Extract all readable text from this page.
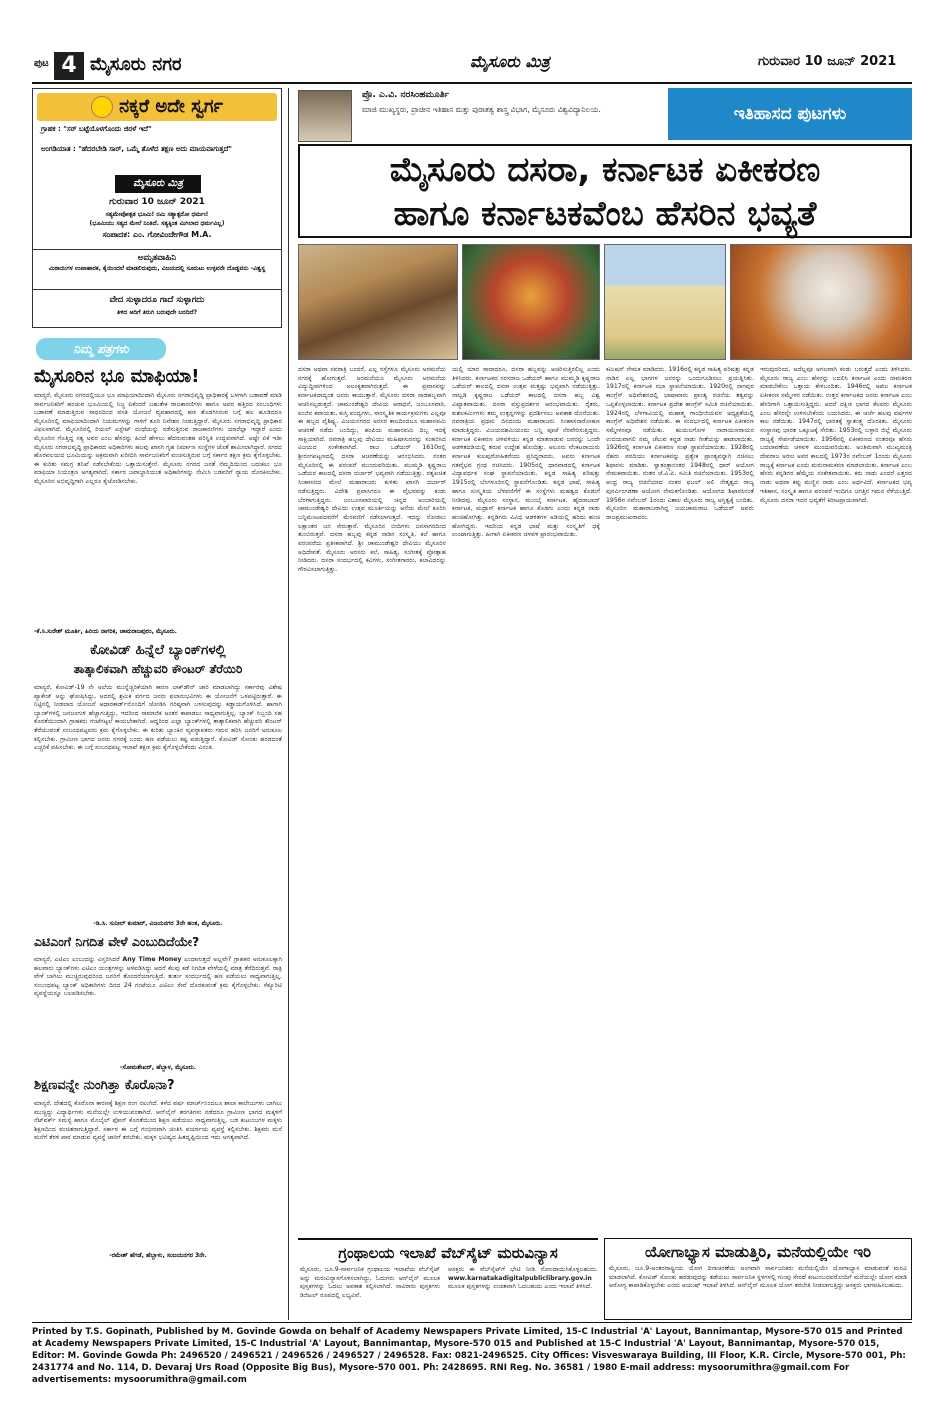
ಪುಟ 4 ಮೈಸೂರು ನಗರ	ಮೈಸೂರು ಮಿತ್ರ	ಗುರುವಾರ 10 ಜೂನ್ 2021
ನಕ್ಕರೆ ಅದೇ ಸ್ವರ್ಗ
ಗ್ರಾಹಕ : "ಸರ್ ಬಟ್ಟೆಯೊಳಗೊಂದು ಜಿರಳೆ ಇದೆ"
ಅಂಗಡಿಯಾತ : "ಹೆದರಬೇಡಿ ಸಾರ್, ಒಮ್ಮೆ ತೊಳೆದ ತಕ್ಷಣ ಅದು ಮಾಯವಾಗುತ್ತದೆ"
ಮೈಸೂರು ಮಿತ್ರ
ಗುರುವಾರ 10 ಜೂನ್ 2021
ಸತ್ಯಮೇವೋತ್ಪತ ಭೂಮಿ! ನಮಿ ಸತ್ಯಾತ್ಪರೋ ಧರ್ಮಃ!
(ಭೂಮಿಯು ಸತ್ಯದ ಮೇಲೆ ನಿಂತಿದೆ. ಸತ್ಯಕ್ಕಿಂತ ಮಿಗಿಲಾದ ಧರ್ಮವಿಲ್ಲ)
ಸಂಪಾದಕ: ಎಂ. ಗೋವಿಂದೇಗೌಡ M.A.
ಅಮೃತವಾಹಿನಿ
ಮಿಠಾಯಿಗಳ ಉಪಾಹಾರಕ, ಕೈಯಿಂದಲೆ ಮಾಡಲಿರುವುದು, ವಿಜಯದಲ್ಲಿ ಸೂರುಟು ಉಳ್ಳವನೇ ದೊಡ್ಡವನು -ವಿಶ್ವಸ್ಥ
ವೇದ ಸುಳ್ಳಾದರೂ ಗಾದೆ ಸುಳ್ಳಾಗದು
ತಿಳಿದ ಆದಿಗೆ ತಿರುಗಿ ಬರುವುದೇ ಬರದಿದೆ?
ನಿಮ್ಮ ಪತ್ರಗಳು
ಮೈಸೂರಿನ ಭೂ ಮಾಫಿಯಾ!
ಮಾನ್ಯರೆ, ಮೈಸೂರು ನಗರದಲ್ಲಿಯೂ ಭೂ ಮಾಫಿಯಾದಿಂದಾಗಿ ಮೈಸೂರು ನಗರಾಭಿವೃದ್ಧಿ ಪ್ರಾಧಿಕಾರಕ್ಕೆ ಒಳಗಾಗಿ ಬಡಾವಣೆ ಮಾಡಿ ಸಾರ್ವಜನಿಕರಿಗೆ ಹಂಚುವ ಭೂಮಿಯಲ್ಲಿ ನಿಜ್ಜ ಏಕೆಂದರೆ ಬಹುತೇಕ ರಾಜಕಾರಣಿಗಳು ಹಾಗೂ ಅವರ ಹತ್ತಿರದ ಸಂಬಂಧಿಗಳು ಬಡಾವಣೆ ಮಾಡುತ್ತಿರುವ ಸಾಧನದಿಂದ ವಸತಿ ಯೋಜನೆ ವ್ಯವಹಾರದಲ್ಲಿ ಹಣ ತೊಡಗಿಸಿರುವ ಬಗ್ಗೆ ಹಲ ಹೂಡಿದರೂ ಮೈಸೂರಿನಲ್ಲಿ ಮಾಫಿಯಾದಿಂದಾಗಿ ನಿಯಮಗಳನ್ನು ಗಾಳಿಗೆ ತೂರಿ ನಿವೇಶನ ನೀಡುತ್ತಿದ್ದಾರೆ. ಮೈಸೂರು ನಗರಾಭಿವೃದ್ಧಿ ಪ್ರಾಧಿಕಾರ ವಿಫಲವಾಗಿದೆ. ಮೈಸೂರಿನಲ್ಲಿ ರಿಯಲ್ ಎಸ್ಟೇಟ್ ದಂಧೆಯನ್ನು ನಡೆಸುತ್ತಿರುವ ರಾಜಕಾರಣಿಗಳು ಯಾರೆಲ್ಲಾ ಇದ್ದಾರೆ ಎಂದು ಮೈಸೂರಿನ ಗೊತ್ತಿದ್ದ ಸತ್ಯ ಅವರ ಎಂಬ ಹೆಸರನ್ನು ಹಿಂದೆ ಹೇಳಲು ಹೆದರುವಂತಹ ಪರಿಸ್ಥಿತಿ ಉದ್ಭವವಾಗಿದೆ. ಅಷ್ಟೇ ಏಕೆ ಇಡೀ ಮೈಸೂರು ನಗರಾಭಿವೃದ್ಧಿ ಪ್ರಾಧಿಕಾರದ ಅಧಿಕಾರಿಗಳು ಹಲವು ಖಾಸಗಿ ಗೃಹ ನಿರ್ಮಾಣ ಸಂಸ್ಥೆಗಳ ಜೊತೆ ಶಾಮೀಲಾಗಿದ್ದಾರೆ. ನಗರದ ಹೊರವಲಯದ ಭೂಮಿಯನ್ನು ಅಕ್ರಮವಾಗಿ ಖರೀದಿಸಿ ಸಾರ್ವಜನಿಕರಿಗೆ ವಂಚಿಸುತ್ತಿರುವ ಬಗ್ಗೆ ಸರ್ಕಾರ ತಕ್ಷಣ ಕ್ರಮ ಕೈಗೊಳ್ಳಬೇಕು. ಈ ಕುರಿತು ಸಮಗ್ರ ತನಿಖೆ ನಡೆಸಬೇಕೆಂದು ಒತ್ತಾಯಿಸುತ್ತೇನೆ. ಮೈಸೂರು ನಗರದ ಜನತೆ ನೆಮ್ಮದಿಯಿಂದ ಬದುಕಲು ಭೂ ಮಾಫಿಯಾ ನಿಯಂತ್ರಣ ಅಗತ್ಯವಾಗಿದೆ. ಸರ್ಕಾರ ಜವಾಬ್ದಾರಿಯುತ ಅಧಿಕಾರಿಗಳನ್ನು ನೇಮಿಸಿ ಬಡವರಿಗೆ ನ್ಯಾಯ ದೊರಕಿಸಬೇಕು. ಮೈಸೂರಿನ ಅಭಿವೃದ್ಧಿಗಾಗಿ ಎಲ್ಲರೂ ಕೈಜೋಡಿಸಬೇಕು.
-ಕೆ.ಸಿ.ಸುರೇಶ್ ಮೂರ್ತಿ, ಹಿರಿಯ ನಾಗರಿಕ, ಚಾಮರಾಜಪುರಂ, ಮೈಸೂರು.
ಕೋವಿಡ್ ಹಿನ್ನೆಲೆ ಬ್ಯಾಂಕ್‌ಗಳಲ್ಲಿ
ತಾತ್ಕಾಲಿಕವಾಗಿ ಹೆಚ್ಚುವರಿ ಕೌಂಟರ್ ತೆರೆಯಿರಿ
ಮಾನ್ಯರೆ, ಕೋವಿಡ್-19 ನೇ ಅಲೆಯ ಮುನ್ನೆಚ್ಚರಿಕೆಯಾಗಿ ಕಾರಣ ಲಾಕ್‌ಡೌನ್ ಜಾರಿ ಮಾಡಲಾಗಿದ್ದು ಸರ್ಕಾರವು ವಿಶೇಷ ಪ್ಯಾಕೇಜ್ ಅನ್ನು ಘೋಷಿಸಿದ್ದು, ಅದರಲ್ಲಿ ಶ್ರಮಿಕ ವರ್ಗದ ಜನರು ಫಲಾನುಭವಿಗಳು ಈ ಯೋಜನೆಗೆ ಒಳಪಟ್ಟಿರುತ್ತಾರೆ. ಈ ನಿಟ್ಟಿನಲ್ಲಿ ನೀಡಲಾದ ಯೋಜನೆ ಆಧಾರಕಾರ್ಡ್‌ನೊಂದಿಗೆ ಜೋಡಿಸಿ ಗರಿಷ್ಠವಾಗಿ ಬಳಸುವುದನ್ನು ಕಡ್ಡಾಯಗೊಳಿಸಿದೆ. ಹಾಗಾಗಿ ಬ್ಯಾಂಕ್‌ಗಳಲ್ಲಿ ಜನಜಂಗುಳಿ ಹೆಚ್ಚಾಗುತ್ತಿದ್ದು, ಇದರಿಂದ ಸಾಮಾಜಿಕ ಅಂತರ ಕಾಪಾಡಲು ಸಾಧ್ಯವಾಗುತ್ತಿಲ್ಲ. ಬ್ಯಾಂಕ್ ಸಿಬ್ಬಂದಿ ಸಹ ಕೊರತೆಯಿಂದಾಗಿ ಗ್ರಾಹಕರು ಗಂಟೆಗಟ್ಟಲೆ ಕಾಯಬೇಕಾಗಿದೆ. ಆದ್ದರಿಂದ ಎಲ್ಲಾ ಬ್ಯಾಂಕ್‌ಗಳಲ್ಲಿ ತಾತ್ಕಾಲಿಕವಾಗಿ ಹೆಚ್ಚುವರಿ ಕೌಂಟರ್ ತೆರೆಯುವಂತೆ ಸಂಬಂಧಪಟ್ಟವರು ಕ್ರಮ ಕೈಗೊಳ್ಳಬೇಕು. ಈ ಕುರಿತು ಬ್ಯಾಂಕಿನ ವ್ಯವಸ್ಥಾಪಕರು ಗಮನ ಹರಿಸಿ ಜನರಿಗೆ ಅನುಕೂಲ ಕಲ್ಪಿಸಬೇಕು. ಗ್ರಾಮೀಣ ಭಾಗದ ಜನರು ನಗರಕ್ಕೆ ಬಂದು ಹಣ ಪಡೆಯಲು ಕಷ್ಟ ಪಡುತ್ತಿದ್ದಾರೆ. ಕೋವಿಡ್ ಸೋಂಕು ಹರಡದಂತೆ ಎಚ್ಚರಿಕೆ ವಹಿಸಬೇಕು. ಈ ಬಗ್ಗೆ ಸಂಬಂಧಪಟ್ಟ ಇಲಾಖೆ ತಕ್ಷಣ ಕ್ರಮ ಕೈಗೊಳ್ಳಬೇಕೆಂದು ವಿನಂತಿ.
-ಡಿ.ಸಿ. ಸುನೀಲ್ ಕುಮಾರ್, ವಿಜಯನಗರ 3ನೇ ಹಂತ, ಮೈಸೂರು.
ಎಟಿಎಂಗೆ ನಿಗದಿತ ವೇಳೆ ಎಂಬುದಿದೆಯೇ?
ಮಾನ್ಯರೆ, ಎಟಿಎಂ ಎಂಬುದನ್ನು ವಿಸ್ತರಿಸಿದರೆ Any Time Money ಎಂದಾಗುತ್ತದೆ ಅಲ್ಲವೇ? ಗ್ರಾಹಕರ ಅನುಕೂಲಕ್ಕಾಗಿ ಹಲವಾರು ಬ್ಯಾಂಕ್‌ಗಳು ಎಟಿಎಂ ಯಂತ್ರಗಳನ್ನು ಅಳವಡಿಸಿದ್ದು ಆದರೆ ಕೆಲವು ಕಡೆ ನಿಗದಿತ ವೇಳೆಯಲ್ಲಿ ಮಾತ್ರ ತೆರೆದಿರುತ್ತವೆ. ರಾತ್ರಿ ವೇಳೆ ಬಾಗಿಲು ಮುಚ್ಚಿರುವುದರಿಂದ ಜನರಿಗೆ ತೊಂದರೆಯಾಗುತ್ತಿದೆ. ತುರ್ತು ಸಂದರ್ಭದಲ್ಲಿ ಹಣ ಪಡೆಯಲು ಸಾಧ್ಯವಾಗುತ್ತಿಲ್ಲ. ಸಂಬಂಧಪಟ್ಟ ಬ್ಯಾಂಕ್ ಅಧಿಕಾರಿಗಳು ದಿನದ 24 ಗಂಟೆಯೂ ಎಟಿಎಂ ಸೇವೆ ದೊರಕುವಂತೆ ಕ್ರಮ ಕೈಗೊಳ್ಳಬೇಕು. ಸೆಕ್ಯೂರಿಟಿ ವ್ಯವಸ್ಥೆಯನ್ನೂ ಬಲಪಡಿಸಬೇಕು.
-ಸೋಮಶೇಖರ್, ಹೆಬ್ಬಾಳ, ಮೈಸೂರು.
ಶಿಕ್ಷಣವನ್ನೇ ನುಂಗಿತ್ತಾ ಕೊರೊನಾ?
ಮಾನ್ಯರೆ, ದೇಶದಲ್ಲಿ ಕೊರೊನಾ ಕಾರಣಕ್ಕೆ ಶಿಕ್ಷಣ ರಂಗ ನಲುಗಿದೆ. ಕಳೆದ ವರ್ಷ ಮಾರ್ಚ್‌ನಿಂದಲೂ ಶಾಲಾ ಕಾಲೇಜುಗಳು ಬಾಗಿಲು ಮುಚ್ಚಿದ್ದು ವಿದ್ಯಾರ್ಥಿಗಳು ಮನೆಯಲ್ಲೇ ಉಳಿಯುವಂತಾಗಿದೆ. ಆನ್‌ಲೈನ್ ತರಗತಿಗಳು ನಡೆದರೂ ಗ್ರಾಮೀಣ ಭಾಗದ ಮಕ್ಕಳಿಗೆ ನೆಟ್‌ವರ್ಕ್ ಸಮಸ್ಯೆ ಹಾಗೂ ಮೊಬೈಲ್ ಫೋನ್ ಕೊರತೆಯಿಂದ ಶಿಕ್ಷಣ ಪಡೆಯಲು ಸಾಧ್ಯವಾಗುತ್ತಿಲ್ಲ. ಬಡ ಕುಟುಂಬಗಳ ಮಕ್ಕಳು ಶಿಕ್ಷಣದಿಂದ ವಂಚಿತರಾಗುತ್ತಿದ್ದಾರೆ. ಸರ್ಕಾರ ಈ ಬಗ್ಗೆ ಗಂಭೀರವಾಗಿ ಚಿಂತಿಸಿ ಪರ್ಯಾಯ ವ್ಯವಸ್ಥೆ ಕಲ್ಪಿಸಬೇಕು. ಶಿಕ್ಷಕರು ಮನೆ ಮನೆಗೆ ತೆರಳಿ ಪಾಠ ಮಾಡುವ ವ್ಯವಸ್ಥೆ ಜಾರಿಗೆ ತರಬೇಕು. ಮಕ್ಕಳ ಭವಿಷ್ಯದ ಹಿತದೃಷ್ಟಿಯಿಂದ ಇದು ಅಗತ್ಯವಾಗಿದೆ.
-ರಮೇಶ್ ಹೆಗಡೆ, ಹೆಬ್ಬಾಳು, ಸಂಜಯನಗರ 3ನೇ.
ಪ್ರೊ. ಎ.ವಿ. ನರಸಿಂಹಮೂರ್ತಿ
ಮಾಜಿ ಮುಖ್ಯಸ್ಥರು, ಪ್ರಾಚೀನ ಇತಿಹಾಸ ಮತ್ತು ಪುರಾತತ್ವ ಶಾಸ್ತ್ರ ವಿಭಾಗ, ಮೈಸೂರು ವಿಶ್ವವಿದ್ಯಾನಿಲಯ.	ಇತಿಹಾಸದ ಪುಟಗಳು
ಮೈಸೂರು ದಸರಾ, ಕರ್ನಾಟಕ ಏಕೀಕರಣ
ಹಾಗೂ ಕರ್ನಾಟಕವೆಂಬ ಹೆಸರಿನ ಭವ್ಯತೆ
ದಸರಾ ಅಥವಾ ನವರಾತ್ರಿ ಬಂದರೆ, ಎಲ್ಲ ರಸ್ತೆಗಳೂ ಮೈಸೂರು ಅರಮನೆಯ ನಗರಕ್ಕೆ ಹೋಗುತ್ತವೆ. ಅರಮನೆಯೂ ಮೈಸೂರು ಅರಮನೆಯ ವಿದ್ಯುದ್ದೀಪಗಳಿಂದ ಅಲಂಕೃತವಾಗಿರುತ್ತದೆ. ಈ ಪ್ರವಾಸವನ್ನು ಕರ್ನಾಟಕದಾದ್ಯಂತ ಜನರು ಕಾಯುತ್ತಾರೆ. ಮೈಸೂರು ದಸರಾ ನಾಡಹಬ್ಬವಾಗಿ ಆಚರಿಸಲ್ಪಡುತ್ತದೆ. ಚಾಮುಂಡೇಶ್ವರಿ ದೇವಿಯ ಆರಾಧನೆ, ಜಂಬೂಸವಾರಿ, ಪಂಜಿನ ಕವಾಯತು, ಕುಸ್ತಿ ಪಂದ್ಯಗಳು, ಸಾಂಸ್ಕೃತಿಕ ಕಾರ್ಯಕ್ರಮಗಳು ಎಲ್ಲವೂ ಈ ಹಬ್ಬದ ವೈಶಿಷ್ಟ್ಯ. ವಿಜಯನಗರದ ಅರಸರ ಕಾಲದಿಂದಲೂ ಮಹಾನವಮಿ ಆಚರಣೆ ನಡೆದು ಬಂದಿದ್ದು, ಹಂಪಿಯ ಮಹಾನವಮಿ ದಿಬ್ಬ ಇದಕ್ಕೆ ಸಾಕ್ಷಿಯಾಗಿದೆ. ನವರಾತ್ರಿ ಹಬ್ಬವು ದೇವಿಯು ಮಹಿಷಾಸುರನನ್ನು ಸಂಹರಿಸಿದ ವಿಜಯದ ಸಂಕೇತವಾಗಿದೆ. ರಾಜ ಒಡೆಯರ್ 1610ರಲ್ಲಿ ಶ್ರೀರಂಗಪಟ್ಟಣದಲ್ಲಿ ದಸರಾ ಆಚರಣೆಯನ್ನು ಆರಂಭಿಸಿದರು. ನಂತರ ಮೈಸೂರಿನಲ್ಲಿ ಈ ಪರಂಪರೆ ಮುಂದುವರಿಯಿತು. ಮುಮ್ಮಡಿ ಕೃಷ್ಣರಾಜ ಒಡೆಯರ ಕಾಲದಲ್ಲಿ ದಸರಾ ದರ್ಬಾರ್ ಭವ್ಯವಾಗಿ ನಡೆಯುತ್ತಿತ್ತು. ರತ್ನಖಚಿತ ಸಿಂಹಾಸನದ ಮೇಲೆ ಮಹಾರಾಜರು ಕುಳಿತು ಖಾಸಗಿ ದರ್ಬಾರ್ ನಡೆಸುತ್ತಿದ್ದರು. ವಿದೇಶಿ ಪ್ರವಾಸಿಗರೂ ಈ ವೈಭವವನ್ನು ಕಂಡು ಬೆರಗಾಗುತ್ತಿದ್ದರು. ಜಂಬೂಸವಾರಿಯಲ್ಲಿ ಚಿನ್ನದ ಅಂಬಾರಿಯಲ್ಲಿ ಚಾಮುಂಡೇಶ್ವರಿ ದೇವಿಯ ಉತ್ಸವ ಮೂರ್ತಿಯನ್ನು ಆನೆಯ ಮೇಲೆ ಕೂರಿಸಿ ಬನ್ನಿಮಂಟಪದವರೆಗೆ ಮೆರವಣಿಗೆ ನಡೆಸಲಾಗುತ್ತದೆ. ಇದನ್ನು ನೋಡಲು ಲಕ್ಷಾಂತರ ಜನ ಸೇರುತ್ತಾರೆ. ಮೈಸೂರಿನ ಬೀದಿಗಳು ಜನಸಾಗರದಿಂದ ತುಂಬಿರುತ್ತವೆ. ದಸರಾ ಹಬ್ಬವು ಕನ್ನಡ ನಾಡಿನ ಸಂಸ್ಕೃತಿ, ಕಲೆ ಹಾಗೂ ಪರಂಪರೆಯ ಪ್ರತೀಕವಾಗಿದೆ. ಶ್ರೀ ಚಾಮುಂಡೇಶ್ವರಿ ದೇವಿಯು ಮೈಸೂರಿನ ಅಧಿದೇವತೆ. ಮೈಸೂರು ಅರಸರು ಕಲೆ, ಸಾಹಿತ್ಯ, ಸಂಗೀತಕ್ಕೆ ಪ್ರೋತ್ಸಾಹ ನೀಡಿದರು. ದಸರಾ ಸಂದರ್ಭದಲ್ಲಿ ಕವಿಗಳು, ಸಂಗೀತಗಾರರು, ಕಲಾವಿದರನ್ನು ಗೌರವಿಸಲಾಗುತ್ತಿತ್ತು.
ಯಲ್ಲಿ ಯಾರ ಸಾವಾದರೂ, ದಸರಾ ಹಬ್ಬವನ್ನು ಆಚರಿಸುತ್ತಿರಲಿಲ್ಲ ಎಂದು ತಿಳಿಸಿದರು. ಕರ್ನಾಟಕದ ಸರಸರಾಜ ಒಡೆಯರ್ ಹಾಗೂ ಮುಮ್ಮಡಿ ಕೃಷ್ಣರಾಜ ಒಡೆಯರ್ ಕಾಲದಲ್ಲಿ ದಸರಾ ಉತ್ಸವ ಮತ್ತಷ್ಟು ಭವ್ಯವಾಗಿ ನಡೆಯುತ್ತಿತ್ತು. ನಾಲ್ವಡಿ ಕೃಷ್ಣರಾಜ ಒಡೆಯರ್ ಕಾಲದಲ್ಲಿ ದಸರಾ ಹಬ್ಬ ವಿಶ್ವ ವಿಖ್ಯಾತವಾಯಿತು. ದಸರಾ ವಸ್ತುಪ್ರದರ್ಶನ ಆರಂಭವಾಯಿತು. ರೈತರು, ಕುಶಲಕರ್ಮಿಗಳು ತಮ್ಮ ಉತ್ಪನ್ನಗಳನ್ನು ಪ್ರದರ್ಶಿಸಲು ಅವಕಾಶ ದೊರೆಯಿತು. ನವರಾತ್ರಿಯ ಪ್ರಥಮ ದಿನದಂದು ಮಹಾರಾಜರು ಸಿಂಹಾಸನಾರೋಹಣ ಮಾಡುತ್ತಿದ್ದರು. ವಿಜಯದಶಮಿಯಂದು ಬನ್ನಿ ಪೂಜೆ ನೆರವೇರಿಸುತ್ತಿದ್ದರು. ಕರ್ನಾಟಕ ಏಕೀಕರಣ ಚಳವಳಿಯು ಕನ್ನಡ ಮಾತನಾಡುವ ಜನರನ್ನು ಒಂದೇ ಆಡಳಿತದಡಿಯಲ್ಲಿ ತರುವ ಉದ್ದೇಶ ಹೊಂದಿತ್ತು. ಆಲೂರು ವೆಂಕಟರಾಯರು ಕರ್ನಾಟಕ ಕುಲಪುರೋಹಿತರೆಂದು ಪ್ರಸಿದ್ಧರಾದರು. ಅವರು ಕರ್ನಾಟಕ ಗತವೈಭವ ಗ್ರಂಥ ರಚಿಸಿದರು. 1905ರಲ್ಲಿ ಧಾರವಾಡದಲ್ಲಿ ಕರ್ನಾಟಕ ವಿದ್ಯಾವರ್ಧಕ ಸಂಘ ಸ್ಥಾಪನೆಯಾಯಿತು. ಕನ್ನಡ ಸಾಹಿತ್ಯ ಪರಿಷತ್ತು 1915ರಲ್ಲಿ ಬೆಂಗಳೂರಿನಲ್ಲಿ ಸ್ಥಾಪನೆಗೊಂಡಿತು. ಕನ್ನಡ ಭಾಷೆ, ಸಾಹಿತ್ಯ ಹಾಗೂ ಸಂಸ್ಕೃತಿಯ ಬೆಳವಣಿಗೆಗೆ ಈ ಸಂಸ್ಥೆಗಳು ಮಹತ್ವದ ಕೊಡುಗೆ ನೀಡಿದವು. ಮೈಸೂರು ಸಂಸ್ಥಾನ, ಮುಂಬೈ ಕರ್ನಾಟಕ, ಹೈದರಾಬಾದ್ ಕರ್ನಾಟಕ, ಮದ್ರಾಸ್ ಕರ್ನಾಟಕ ಹಾಗೂ ಕೊಡಗು ಎಂದು ಕನ್ನಡ ನಾಡು ಹಂಚಿಹೋಗಿತ್ತು. ಕನ್ನಡಿಗರು ವಿವಿಧ ಆಡಳಿತಗಳ ಅಡಿಯಲ್ಲಿ ಹರಿದು ಹಂಚಿ ಹೋಗಿದ್ದರು. ಇದರಿಂದ ಕನ್ನಡ ಭಾಷೆ ಮತ್ತು ಸಂಸ್ಕೃತಿಗೆ ಧಕ್ಕೆ ಉಂಟಾಗುತ್ತಿತ್ತು. ಹೀಗಾಗಿ ಏಕೀಕರಣ ಚಳವಳಿ ಪ್ರಾರಂಭವಾಯಿತು.
ಕಮಿಷನ್ ನೇಮಕ ಮಾಡಿದರು. 1916ರಲ್ಲಿ ಕನ್ನಡ ಸಾಹಿತ್ಯ ಪರಿಷತ್ತು ಕನ್ನಡ ನಾಡಿನ ಎಲ್ಲ ಭಾಗಗಳ ಜನರನ್ನು ಒಂದುಗೂಡಿಸಲು ಪ್ರಯತ್ನಿಸಿತು. 1917ರಲ್ಲಿ ಕರ್ನಾಟಕ ಸಭಾ ಸ್ಥಾಪನೆಯಾಯಿತು. 1920ರಲ್ಲಿ ನಾಗಪುರ ಕಾಂಗ್ರೆಸ್ ಅಧಿವೇಶನದಲ್ಲಿ ಭಾಷಾವಾರು ಪ್ರಾಂತ್ಯ ರಚನೆಯ ತತ್ವವನ್ನು ಒಪ್ಪಿಕೊಳ್ಳಲಾಯಿತು. ಕರ್ನಾಟಕ ಪ್ರದೇಶ ಕಾಂಗ್ರೆಸ್ ಸಮಿತಿ ರಚನೆಯಾಯಿತು. 1924ರಲ್ಲಿ ಬೆಳಗಾವಿಯಲ್ಲಿ ಮಹಾತ್ಮ ಗಾಂಧೀಜಿಯವರ ಅಧ್ಯಕ್ಷತೆಯಲ್ಲಿ ಕಾಂಗ್ರೆಸ್ ಅಧಿವೇಶನ ನಡೆಯಿತು. ಈ ಸಂದರ್ಭದಲ್ಲಿ ಕರ್ನಾಟಕ ಏಕೀಕರಣ ಸಮ್ಮೇಳನವೂ ನಡೆಯಿತು. ಹುಯಿಲಗೋಳ ನಾರಾಯಣರಾಯರ ಉದಯವಾಗಲಿ ನಮ್ಮ ಚೆಲುವ ಕನ್ನಡ ನಾಡು ಗೀತೆಯನ್ನು ಹಾಡಲಾಯಿತು. 1926ರಲ್ಲಿ ಕರ್ನಾಟಕ ಏಕೀಕರಣ ಸಂಘ ಸ್ಥಾಪನೆಯಾಯಿತು. 1928ರಲ್ಲಿ ನೆಹರು ವರದಿಯು ಕರ್ನಾಟಕವನ್ನು ಪ್ರತ್ಯೇಕ ಪ್ರಾಂತ್ಯವನ್ನಾಗಿ ರಚಿಸಲು ಶಿಫಾರಸು ಮಾಡಿತು. ಸ್ವಾತಂತ್ರ್ಯಾನಂತರ 1948ರಲ್ಲಿ ಧಾರ್ ಆಯೋಗ ನೇಮಕವಾಯಿತು. ನಂತರ ಜೆ.ವಿ.ಪಿ. ಸಮಿತಿ ರಚನೆಯಾಯಿತು. 1953ರಲ್ಲಿ ಆಂಧ್ರ ರಾಜ್ಯ ರಚನೆಯಾದ ನಂತರ ಫಜಲ್ ಅಲಿ ನೇತೃತ್ವದ ರಾಜ್ಯ ಪುನರ್ವಿಂಗಡಣಾ ಆಯೋಗ ನೇಮಕಗೊಂಡಿತು. ಆಯೋಗದ ಶಿಫಾರಸಿನಂತೆ 1956ರ ನವೆಂಬರ್ 1ರಂದು ವಿಶಾಲ ಮೈಸೂರು ರಾಜ್ಯ ಅಸ್ತಿತ್ವಕ್ಕೆ ಬಂದಿತು. ಮೈಸೂರಿನ ಮಹಾರಾಜರಾಗಿದ್ದ ಜಯಚಾಮರಾಜ ಒಡೆಯರ್ ಅವರು ರಾಜಪ್ರಮುಖರಾದರು.
ಇರುವುದರಿಂದ, ಅದೆಲ್ಲವೂ ಅಗಲವಾಗಿ ಕಂಡು ಬರುತ್ತದೆ ಎಂದು ತಿಳಿಸಿದರು. ಮೈಸೂರು ರಾಜ್ಯ ಎಂಬ ಹೆಸರನ್ನು ಬದಲಿಸಿ ಕರ್ನಾಟಕ ಎಂದು ನಾಮಕರಣ ಮಾಡಬೇಕೆಂಬ ಒತ್ತಾಯ ಕೇಳಿಬಂದಿತು. 1946ರಲ್ಲಿ ಅಖಿಲ ಕರ್ನಾಟಕ ಏಕೀಕರಣ ಸಮ್ಮೇಳನ ನಡೆಯಿತು. ಉತ್ತರ ಕರ್ನಾಟಕದ ಜನರು ಕರ್ನಾಟಕ ಎಂಬ ಹೆಸರಿಗಾಗಿ ಒತ್ತಾಯಿಸುತ್ತಿದ್ದರು. ಆದರೆ ದಕ್ಷಿಣ ಭಾಗದ ಕೆಲವರು ಮೈಸೂರು ಎಂಬ ಹೆಸರನ್ನೇ ಉಳಿಸಬೇಕೆಂದು ಬಯಸಿದರು. ಈ ಚರ್ಚೆ ಹಲವು ವರ್ಷಗಳ ಕಾಲ ನಡೆಯಿತು. 1947ರಲ್ಲಿ ಭಾರತಕ್ಕೆ ಸ್ವಾತಂತ್ರ್ಯ ದೊರಕಿತು. ಮೈಸೂರು ಸಂಸ್ಥಾನವು ಭಾರತ ಒಕ್ಕೂಟಕ್ಕೆ ಸೇರಿತು. 1953ರಲ್ಲಿ ಬಳ್ಳಾರಿ ಜಿಲ್ಲೆ ಮೈಸೂರು ರಾಜ್ಯಕ್ಕೆ ಸೇರ್ಪಡೆಯಾಯಿತು. 1956ರಲ್ಲಿ ಏಕೀಕರಣದ ನಂತರವೂ ಹೆಸರು ಬದಲಾವಣೆಯ ಚಳವಳಿ ಮುಂದುವರಿಯಿತು. ಅಂತಿಮವಾಗಿ ಮುಖ್ಯಮಂತ್ರಿ ದೇವರಾಜ ಅರಸು ಅವರ ಕಾಲದಲ್ಲಿ 1973ರ ನವೆಂಬರ್ 1ರಂದು ಮೈಸೂರು ರಾಜ್ಯಕ್ಕೆ ಕರ್ನಾಟಕ ಎಂದು ಮರುನಾಮಕರಣ ಮಾಡಲಾಯಿತು. ಕರ್ನಾಟಕ ಎಂಬ ಹೆಸರು ಕನ್ನಡಿಗರ ಹೆಮ್ಮೆಯ ಸಂಕೇತವಾಯಿತು. ಕರು ನಾಡು ಎಂದರೆ ಎತ್ತರದ ನಾಡು ಅಥವಾ ಕಪ್ಪು ಮಣ್ಣಿನ ನಾಡು ಎಂಬ ಅರ್ಥವಿದೆ. ಕರ್ನಾಟಕದ ಭವ್ಯ ಇತಿಹಾಸ, ಸಂಸ್ಕೃತಿ ಹಾಗೂ ಪರಂಪರೆ ಇಂದಿಗೂ ಜಗತ್ತಿನ ಗಮನ ಸೆಳೆಯುತ್ತಿದೆ. ಮೈಸೂರು ದಸರಾ ಇದರ ಭವ್ಯತೆಗೆ ಕಿರೀಟಪ್ರಾಯವಾಗಿದೆ.
ಗ್ರಂಥಾಲಯ ಇಲಾಖೆ ವೆಬ್‌ಸೈಟ್ ಮರುವಿನ್ಯಾಸ
ಮೈಸೂರು, ಜೂ.9-ಸಾರ್ವಜನಿಕ ಗ್ರಂಥಾಲಯ ಇಲಾಖೆಯ ವೆಬ್‌ಸೈಟ್ ಅನ್ನು ಮರುವಿನ್ಯಾಸಗೊಳಿಸಲಾಗಿದ್ದು, ಓದುಗರು ಆನ್‌ಲೈನ್ ಮೂಲಕ ಪುಸ್ತಕಗಳನ್ನು ಓದಲು ಅವಕಾಶ ಕಲ್ಪಿಸಲಾಗಿದೆ. ಸಾವಿರಾರು ಪುಸ್ತಕಗಳು ಡಿಜಿಟಲ್ ರೂಪದಲ್ಲಿ ಲಭ್ಯವಿವೆ.
ಆಸಕ್ತರು ಈ ವೆಬ್‌ಸೈಟ್‌ಗೆ ಭೇಟಿ ನೀಡಿ ನೋಂದಾಯಿಸಿಕೊಳ್ಳಬಹುದು. www.karnatakadigitalpubliclibrary.gov.in ಮೂಲಕ ಪುಸ್ತಕಗಳನ್ನು ಉಚಿತವಾಗಿ ಓದಬಹುದು ಎಂದು ಇಲಾಖೆ ತಿಳಿಸಿದೆ.
ಯೋಗಾಭ್ಯಾಸ ಮಾಡುತ್ತಿರಿ, ಮನೆಯಲ್ಲಿಯೇ ಇರಿ
ಮೈಸೂರು, ಜೂ.9-ಅಂತರರಾಷ್ಟ್ರೀಯ ಯೋಗ ದಿನಾಚರಣೆಯ ಅಂಗವಾಗಿ ಸಾರ್ವಜನಿಕರು ಮನೆಯಲ್ಲಿಯೇ ಯೋಗಾಭ್ಯಾಸ ಮಾಡುವಂತೆ ಮನವಿ ಮಾಡಲಾಗಿದೆ. ಕೋವಿಡ್ ಸೋಂಕು ಹರಡುವುದನ್ನು ತಡೆಯಲು ಸಾರ್ವಜನಿಕ ಸ್ಥಳಗಳಲ್ಲಿ ಗುಂಪು ಸೇರದೆ ಕುಟುಂಬದವರೊಂದಿಗೆ ಮನೆಯಲ್ಲೇ ಯೋಗ ಮಾಡಿ ಆರೋಗ್ಯ ಕಾಪಾಡಿಕೊಳ್ಳಬೇಕು ಎಂದು ಆಯುಷ್ ಇಲಾಖೆ ತಿಳಿಸಿದೆ. ಆನ್‌ಲೈನ್ ಮೂಲಕ ಯೋಗ ತರಬೇತಿ ನೀಡಲಾಗುತ್ತಿದ್ದು ಆಸಕ್ತರು ಭಾಗವಹಿಸಬಹುದು.
Printed by T.S. Gopinath, Published by M. Govinde Gowda on behalf of Academy Newspapers Private Limited, 15-C Industrial 'A' Layout, Bannimantap, Mysore-570 015 and Printed at Academy Newspapers Private Limited, 15-C Industrial 'A' Layout, Bannimantap, Mysore-570 015 and Published at 15-C Industrial 'A' Layout, Bannimantap, Mysore-570 015, Editor: M. Govinde Gowda Ph: 2496520 / 2496521 / 2496526 / 2496527 / 2496528. Fax: 0821-2496525. City Offices: Visveswaraya Building, III Floor, K.R. Circle, Mysore-570 001, Ph: 2431774 and No. 114, D. Devaraj Urs Road (Opposite Big Bus), Mysore-570 001. Ph: 2428695. RNI Reg. No. 36581 / 1980 E-mail address: mysoorumithra@gmail.com For advertisements: mysoorumithra@gmail.com
